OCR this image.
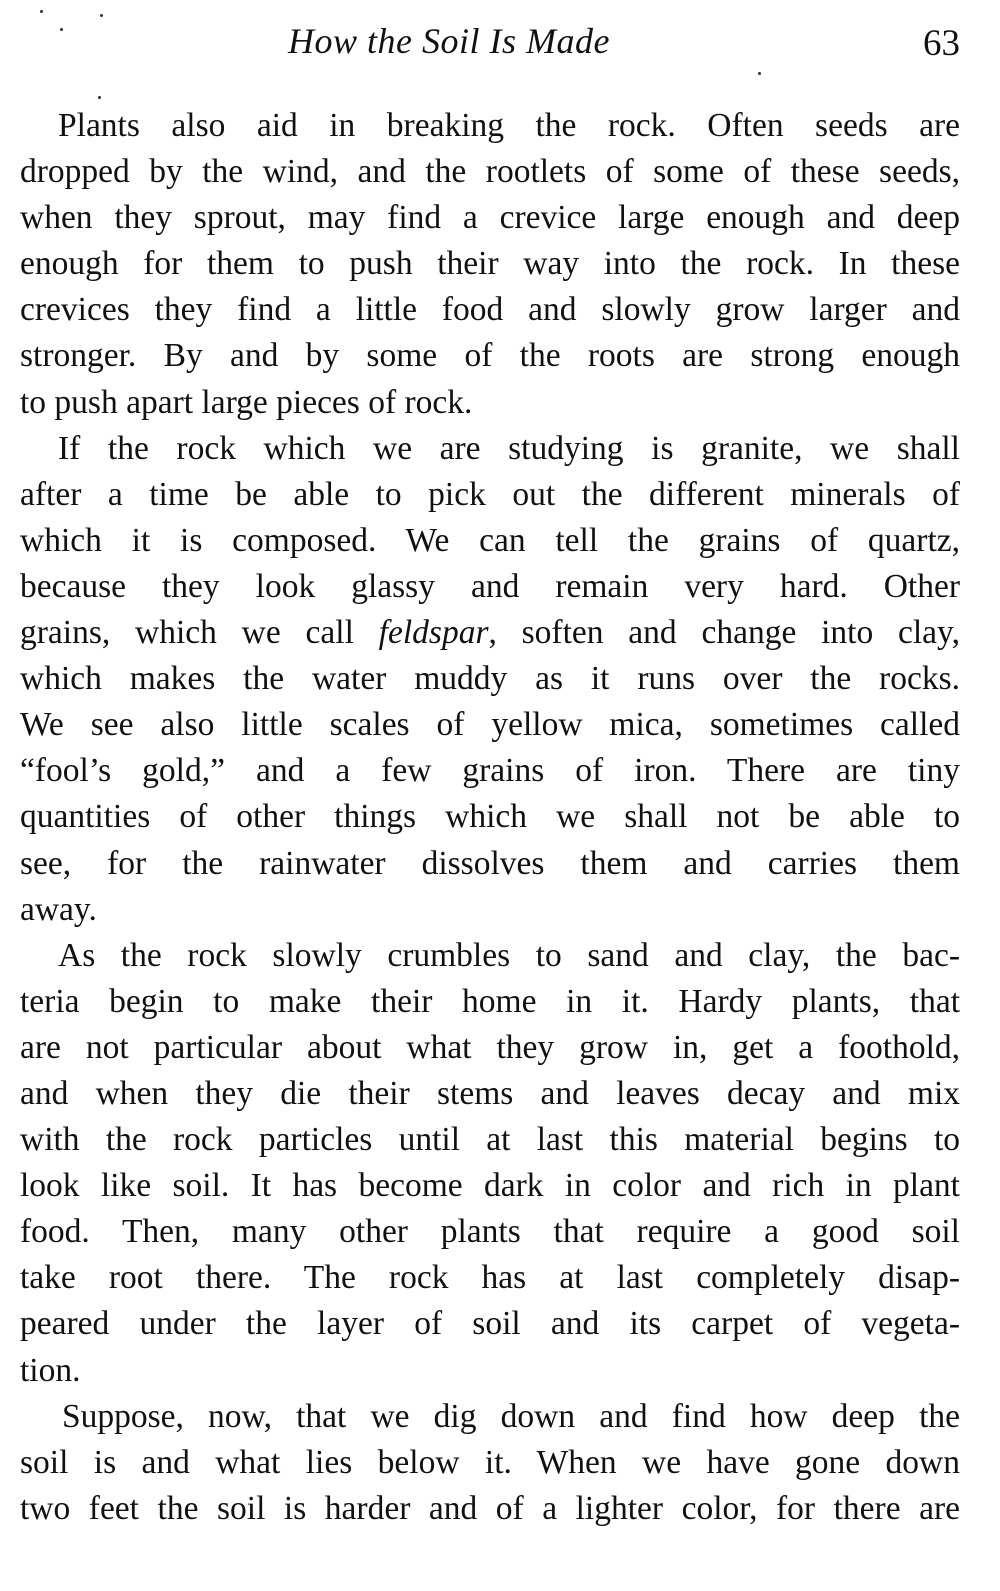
How the Soil Is Made	63
Plants also aid in breaking the rock. Often seeds are
dropped by the wind, and the rootlets of some of these seeds,
when they sprout, may find a crevice large enough and deep
enough for them to push their way into the rock. In these
crevices they find a little food and slowly grow larger and
stronger. By and by some of the roots are strong enough
to push apart large pieces of rock.
If the rock which we are studying is granite, we shall
after a time be able to pick out the different minerals of
which it is composed. We can tell the grains of quartz,
because they look glassy and remain very hard. Other
grains, which we call feldspar, soften and change into clay,
which makes the water muddy as it runs over the rocks.
We see also little scales of yellow mica, sometimes called
“fool’s gold,” and a few grains of iron. There are tiny
quantities of other things which we shall not be able to
see, for the rainwater dissolves them and carries them
away.
As the rock slowly crumbles to sand and clay, the bac-
teria begin to make their home in it. Hardy plants, that
are not particular about what they grow in, get a foothold,
and when they die their stems and leaves decay and mix
with the rock particles until at last this material begins to
look like soil. It has become dark in color and rich in plant
food. Then, many other plants that require a good soil
take root there. The rock has at last completely disap-
peared under the layer of soil and its carpet of vegeta-
tion.
Suppose, now, that we dig down and find how deep the
soil is and what lies below it. When we have gone down
two feet the soil is harder and of a lighter color, for there are
